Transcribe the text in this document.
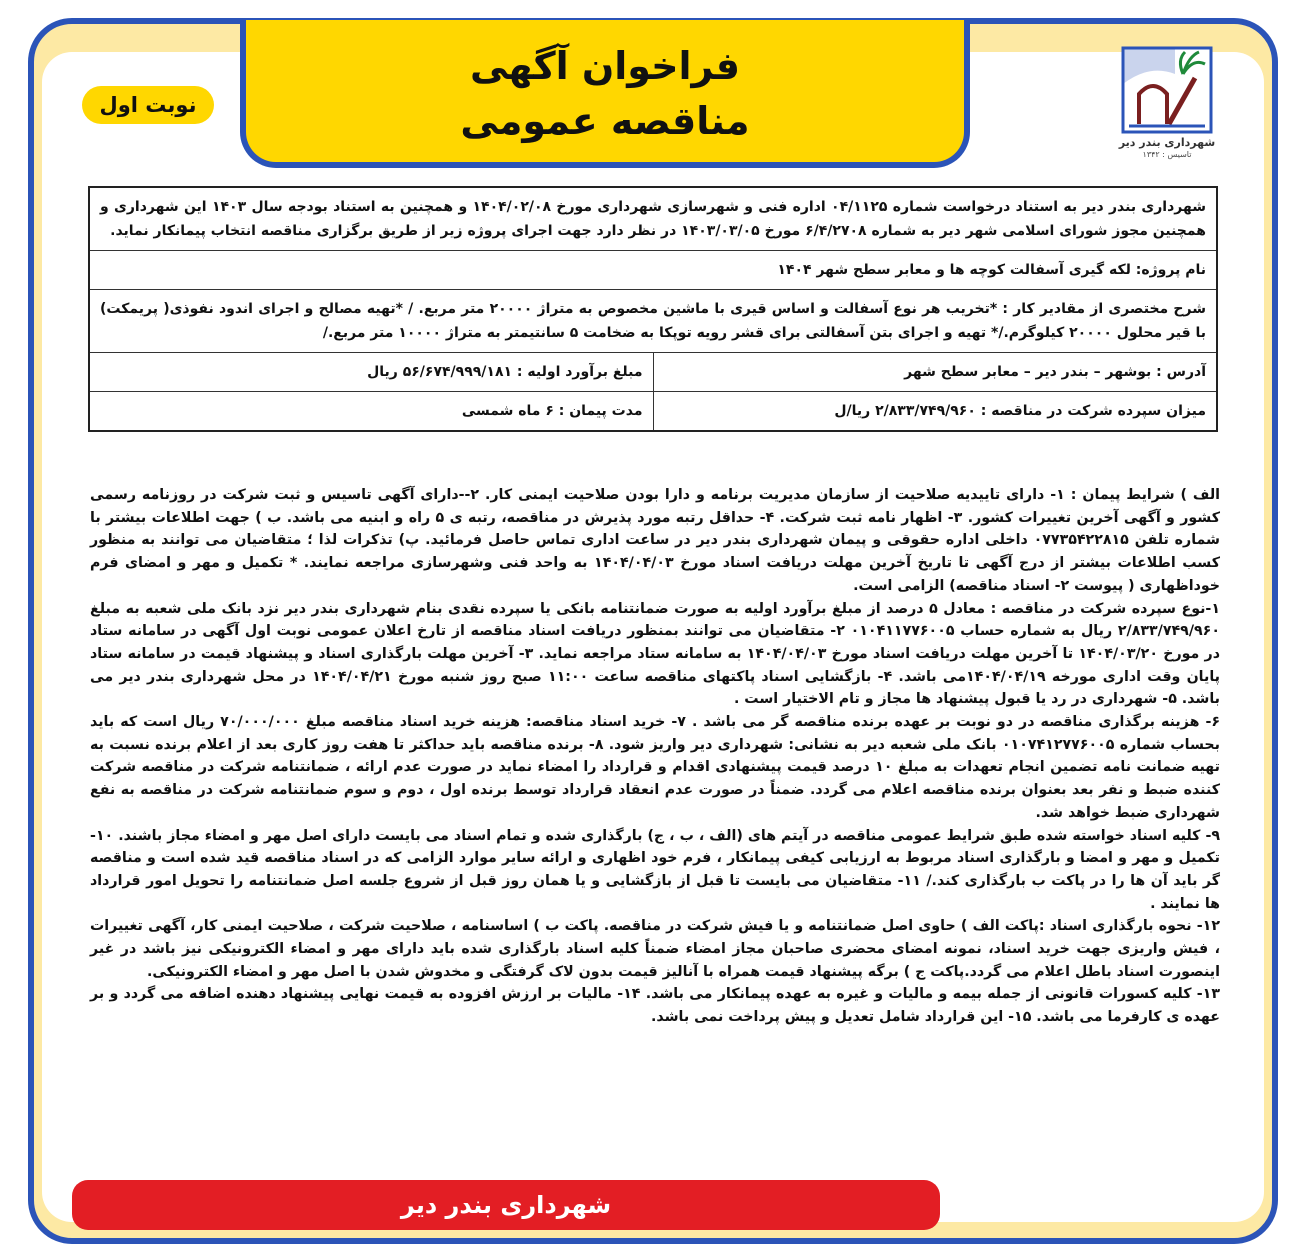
فراخوان آگهی

مناقصه عمومی

نوبت اول
شهرداری بندر دیر
تاسیس : ۱۳۴۲
شهرداری بندر دیر به استناد درخواست شماره ۰۴/۱۱۲۵ اداره فنی و شهرسازی شهرداری مورخ ۱۴۰۴/۰۲/۰۸ و همچنین به استناد بودجه سال ۱۴۰۳ این شهرداری و همچنین مجوز شورای اسلامی شهر دیر به شماره ۶/۴/۲۷۰۸ مورخ ۱۴۰۳/۰۳/۰۵ در نظر دارد جهت اجرای پروژه زیر از طریق برگزاری مناقصه انتخاب پیمانکار نماید.
نام پروژه: لکه گیری آسفالت کوچه ها و معابر سطح شهر ۱۴۰۴
شرح مختصری از مقادیر کار : *تخریب هر نوع آسفالت و اساس قیری با ماشین مخصوص به متراژ ۲۰۰۰۰ متر مربع. / *تهیه مصالح و اجرای اندود نفوذی( پریمکت) با قیر محلول ۲۰۰۰۰ کیلوگرم./* تهیه و اجرای بتن آسفالتی برای قشر رویه توپکا به ضخامت ۵ سانتیمتر به متراژ ۱۰۰۰۰ متر مربع./
آدرس : بوشهر – بندر دیر – معابر سطح شهر
مبلغ برآورد اولیه : ۵۶/۶۷۴/۹۹۹/۱۸۱ ریال
میزان سپرده شرکت در مناقصه : ۲/۸۳۳/۷۴۹/۹۶۰ ریا/ل
مدت پیمان : ۶ ماه شمسی

الف ) شرایط پیمان : ۱- دارای تاییدیه صلاحیت از سازمان مدیریت برنامه و دارا بودن صلاحیت ایمنی کار. ۲--دارای آگهی تاسیس و ثبت شرکت در روزنامه رسمی کشور و آگهی آخرین تغییرات کشور. ۳- اظهار نامه ثبت شرکت. ۴- حداقل رتبه مورد پذیرش در مناقصه، رتبه ی ۵ راه و ابنیه می باشد. ب ) جهت اطلاعات بیشتر با شماره تلفن ۰۷۷۳۵۴۲۲۸۱۵ داخلی اداره حقوقی و پیمان شهرداری بندر دیر در ساعت اداری تماس حاصل فرمائید. پ) تذکرات لذا ؛ متقاضیان می توانند به منظور کسب اطلاعات بیشتر از درج آگهی تا تاریخ آخرین مهلت دریافت اسناد مورخ ۱۴۰۴/۰۴/۰۳ به واحد فنی وشهرسازی مراجعه نمایند. * تکمیل و مهر و امضای فرم خوداظهاری ( پیوست ۲- اسناد مناقصه) الزامی است.

۱-نوع سپرده شرکت در مناقصه : معادل ۵ درصد از مبلغ برآورد اولیه به صورت ضمانتنامه بانکی یا سپرده نقدی بنام شهرداری بندر دیر نزد بانک ملی شعبه به مبلغ ۲/۸۳۳/۷۴۹/۹۶۰ ریال به شماره حساب ۰۱۰۴۱۱۷۷۶۰۰۵ ۲- متقاضیان می توانند بمنظور دریافت اسناد مناقصه از تارخ اعلان عمومی نوبت اول آگهی در سامانه ستاد در مورخ ۱۴۰۴/۰۳/۲۰ تا آخرین مهلت دریافت اسناد مورخ ۱۴۰۴/۰۴/۰۳ به سامانه ستاد مراجعه نماید. ۳- آخرین مهلت بارگذاری اسناد و پیشنهاد قیمت در سامانه ستاد پایان وقت اداری مورخه ۱۴۰۴/۰۴/۱۹می باشد. ۴- بازگشایی اسناد پاکتهای مناقصه ساعت ۱۱:۰۰ صبح روز شنبه مورخ ۱۴۰۴/۰۴/۲۱ در محل شهرداری بندر دیر می باشد. ۵- شهرداری در رد یا قبول پیشنهاد ها مجاز و تام الاختیار است .

۶- هزینه برگذاری مناقصه در دو نوبت بر عهده برنده مناقصه گر می باشد . ۷- خرید اسناد مناقصه: هزینه خرید اسناد مناقصه مبلغ ۷۰/۰۰۰/۰۰۰ ریال است که باید بحساب شماره ۰۱۰۷۴۱۲۷۷۶۰۰۵ بانک ملی شعبه دیر به نشانی: شهرداری دیر واریز شود. ۸- برنده مناقصه باید حداکثر تا هفت روز کاری بعد از اعلام برنده نسبت به تهیه ضمانت نامه تضمین انجام تعهدات به مبلغ ۱۰ درصد قیمت پیشنهادی اقدام و قرارداد را امضاء نماید در صورت عدم ارائه ، ضمانتنامه شرکت در مناقصه شرکت کننده ضبط و نفر بعد بعنوان برنده مناقصه اعلام می گردد. ضمناً در صورت عدم انعقاد قرارداد توسط برنده اول ، دوم و سوم ضمانتنامه شرکت در مناقصه به نفع شهرداری ضبط خواهد شد.

۹- کلیه اسناد خواسته شده طبق شرایط عمومی مناقصه در آیتم های (الف ، ب ، ج) بارگذاری شده و تمام اسناد می بایست دارای اصل مهر و امضاء مجاز باشند. ۱۰- تکمیل و مهر و امضا و بارگذاری اسناد مربوط به ارزیابی کیفی پیمانکار ، فرم خود اظهاری و ارائه سایر موارد الزامی که در اسناد مناقصه قید شده است و مناقصه گر باید آن ها را در پاکت ب بارگذاری کند./ ۱۱- متقاضیان می بایست تا قبل از بازگشایی و یا همان روز قبل از شروع جلسه اصل ضمانتنامه را تحویل امور قرارداد ها نمایند .

۱۲- نحوه بارگذاری اسناد :پاکت الف ) حاوی اصل ضمانتنامه و یا فیش شرکت در مناقصه. پاکت ب ) اساسنامه ، صلاحیت شرکت ، صلاحیت ایمنی کار، آگهی تغییرات ، فیش واریزی جهت خرید اسناد، نمونه امضای محضری صاحبان مجاز امضاء ضمناً کلیه اسناد بارگذاری شده باید دارای مهر و امضاء الکترونیکی نیز باشد در غیر اینصورت اسناد باطل اعلام می گردد.پاکت ج ) برگه پیشنهاد قیمت همراه با آنالیز قیمت بدون لاک گرفتگی و مخدوش شدن با اصل مهر و امضاء الکترونیکی.

۱۳- کلیه کسورات قانونی از جمله بیمه و مالیات و غیره به عهده پیمانکار می باشد. ۱۴- مالیات بر ارزش افزوده به قیمت نهایی پیشنهاد دهنده اضافه می گردد و بر عهده ی کارفرما می باشد. ۱۵- این قرارداد شامل تعدیل و پیش پرداخت نمی باشد.

شهرداری بندر دیر
